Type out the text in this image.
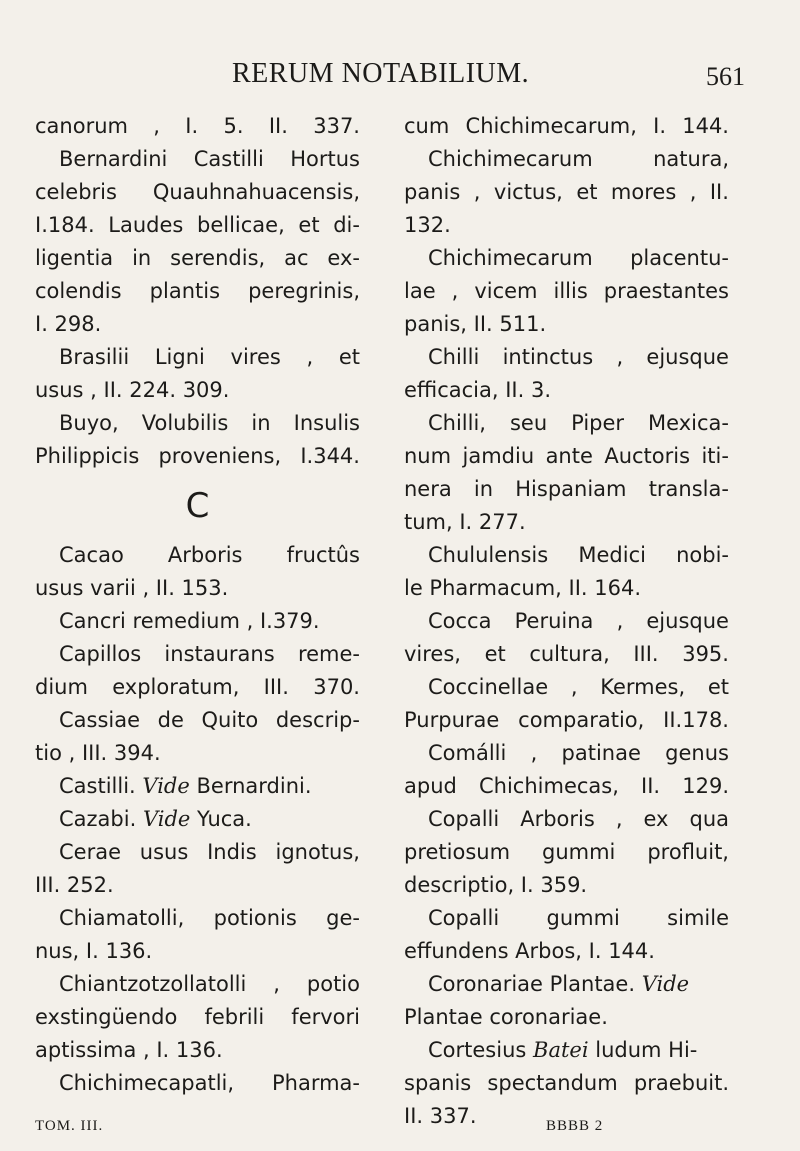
RERUM NOTABILIUM.	561
canorum , I. 5. II. 337.
Bernardini Castilli Hortus
celebris Quauhnahuacensis,
I.184. Laudes bellicae, et di-
ligentia in serendis, ac ex-
colendis plantis peregrinis,
I. 298.
Brasilii Ligni vires , et
usus , II. 224. 309.
Buyo, Volubilis in Insulis
Philippicis proveniens, I.344.
C
Cacao Arboris fructûs
usus varii , II. 153.
Cancri remedium , I.379.
Capillos instaurans reme-
dium exploratum, III. 370.
Cassiae de Quito descrip-
tio , III. 394.
Castilli. Vide Bernardini.
Cazabi. Vide Yuca.
Cerae usus Indis ignotus,
III. 252.
Chiamatolli, potionis ge-
nus, I. 136.
Chiantzotzollatolli , potio
exstingüendo febrili fervori
aptissima , I. 136.
Chichimecapatli, Pharma-
cum Chichimecarum, I. 144.
Chichimecarum	natura,
panis , victus, et mores , II.
132.
Chichimecarum placentu-
lae , vicem illis praestantes
panis, II. 511.
Chilli intinctus , ejusque
efficacia, II. 3.
Chilli, seu Piper Mexica-
num jamdiu ante Auctoris iti-
nera in Hispaniam transla-
tum, I. 277.
Chululensis Medici nobi-
le Pharmacum, II. 164.
Cocca Peruina , ejusque
vires, et cultura, III. 395.
Coccinellae , Kermes, et
Purpurae comparatio, II.178.
Comálli , patinae genus
apud Chichimecas, II. 129.
Copalli Arboris , ex qua
pretiosum gummi profluit,
descriptio, I. 359.
Copalli gummi simile
effundens Arbos, I. 144.
Coronariae Plantae. Vide
Plantae coronariae.
Cortesius Batei ludum Hi-
spanis spectandum praebuit.
II. 337.
TOM. III.	BBBB 2
